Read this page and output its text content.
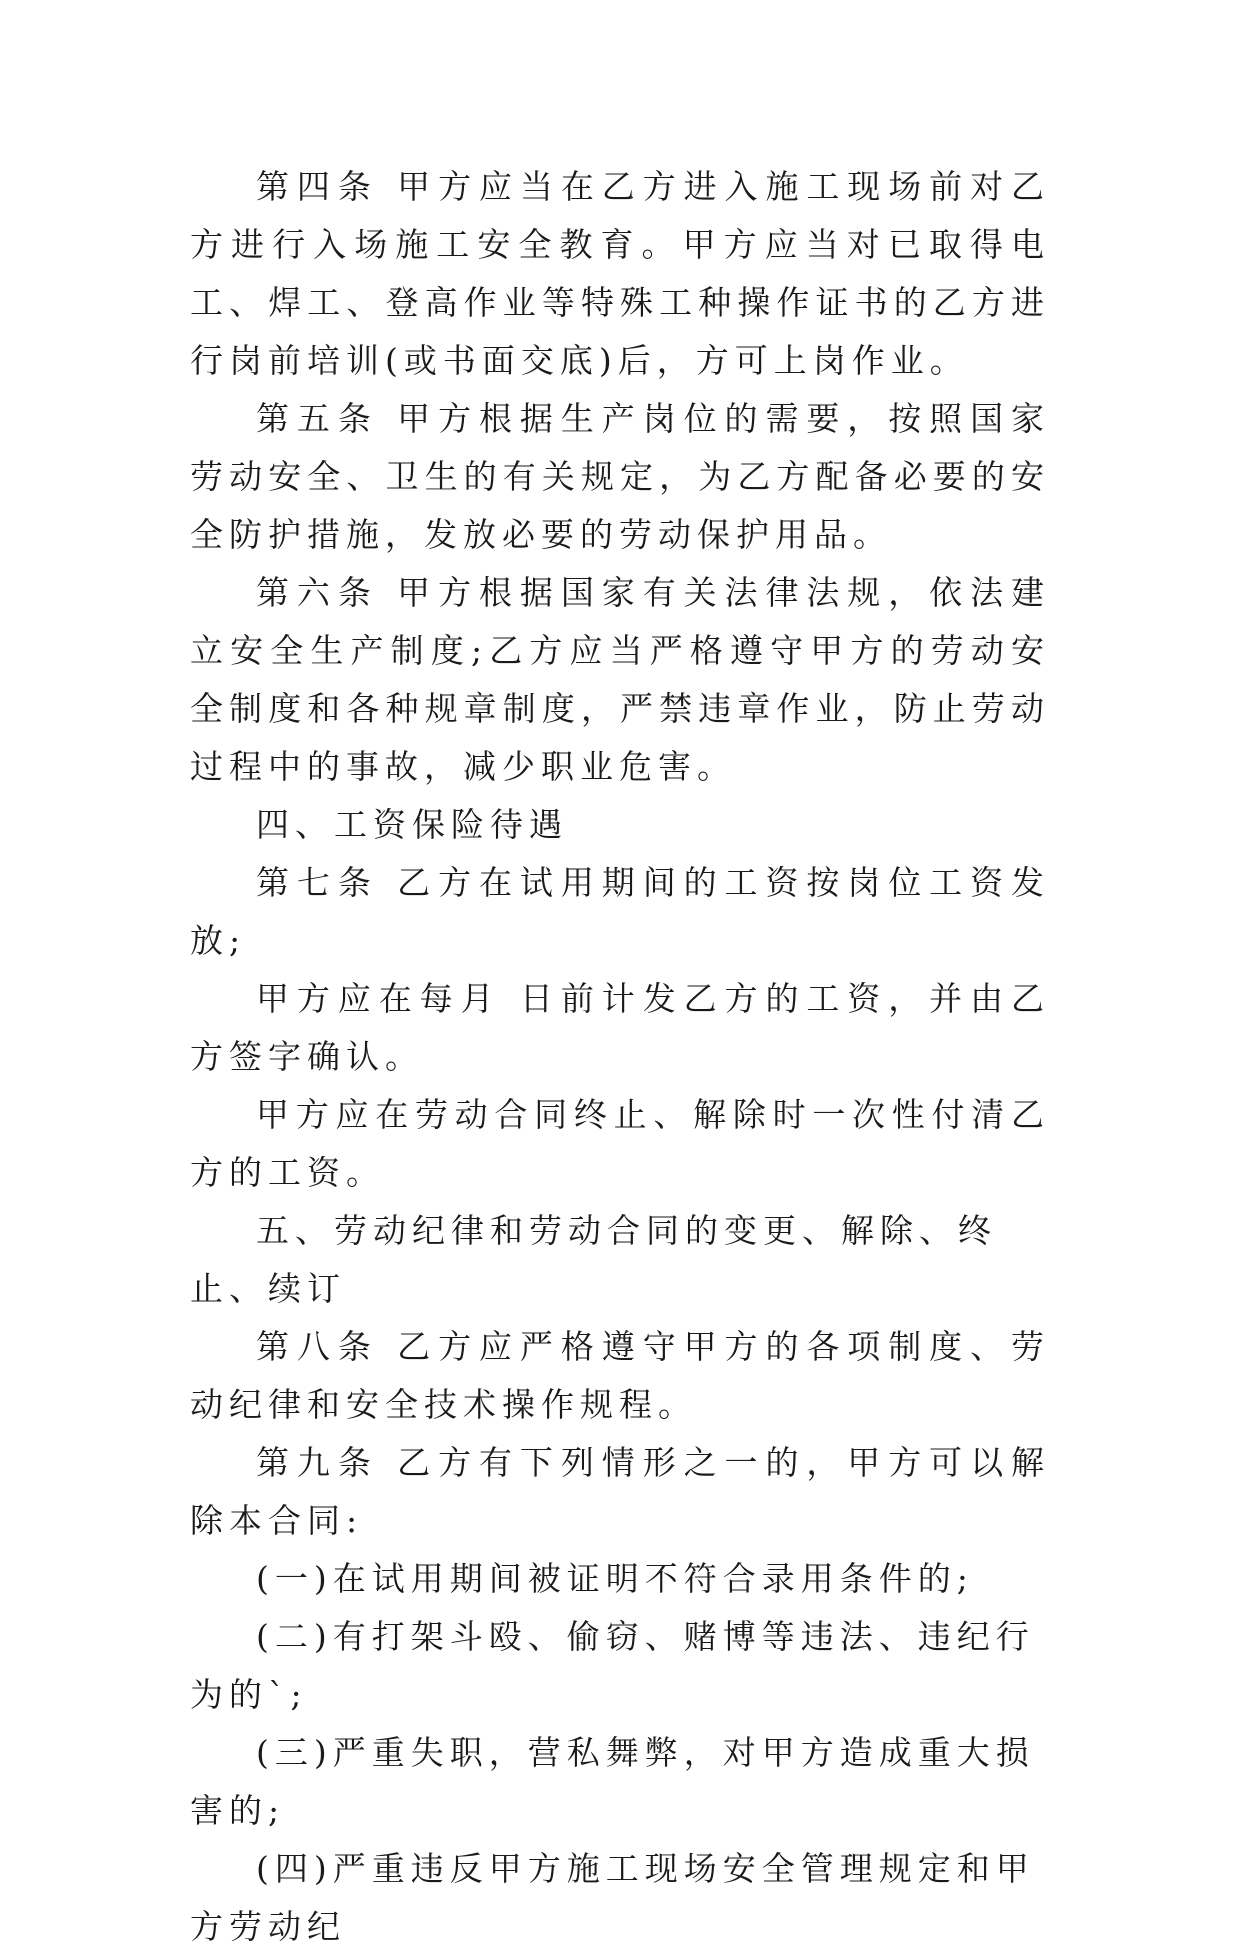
第四条 甲方应当在乙方进入施工现场前对乙方进行入场施工安全教育。甲方应当对已取得电工、焊工、登高作业等特殊工种操作证书的乙方进行岗前培训(或书面交底)后，方可上岗作业。

第五条 甲方根据生产岗位的需要，按照国家劳动安全、卫生的有关规定，为乙方配备必要的安全防护措施，发放必要的劳动保护用品。

第六条 甲方根据国家有关法律法规，依法建立安全生产制度;乙方应当严格遵守甲方的劳动安全制度和各种规章制度，严禁违章作业，防止劳动过程中的事故，减少职业危害。

四、工资保险待遇

第七条 乙方在试用期间的工资按岗位工资发放;

甲方应在每月 日前计发乙方的工资，并由乙方签字确认。

甲方应在劳动合同终止、解除时一次性付清乙方的工资。

五、劳动纪律和劳动合同的变更、解除、终止、续订

第八条 乙方应严格遵守甲方的各项制度、劳动纪律和安全技术操作规程。

第九条 乙方有下列情形之一的，甲方可以解除本合同:

(一)在试用期间被证明不符合录用条件的;

(二)有打架斗殴、偷窃、赌博等违法、违纪行为的`;

(三)严重失职，营私舞弊，对甲方造成重大损害的;

(四)严重违反甲方施工现场安全管理规定和甲方劳动纪
